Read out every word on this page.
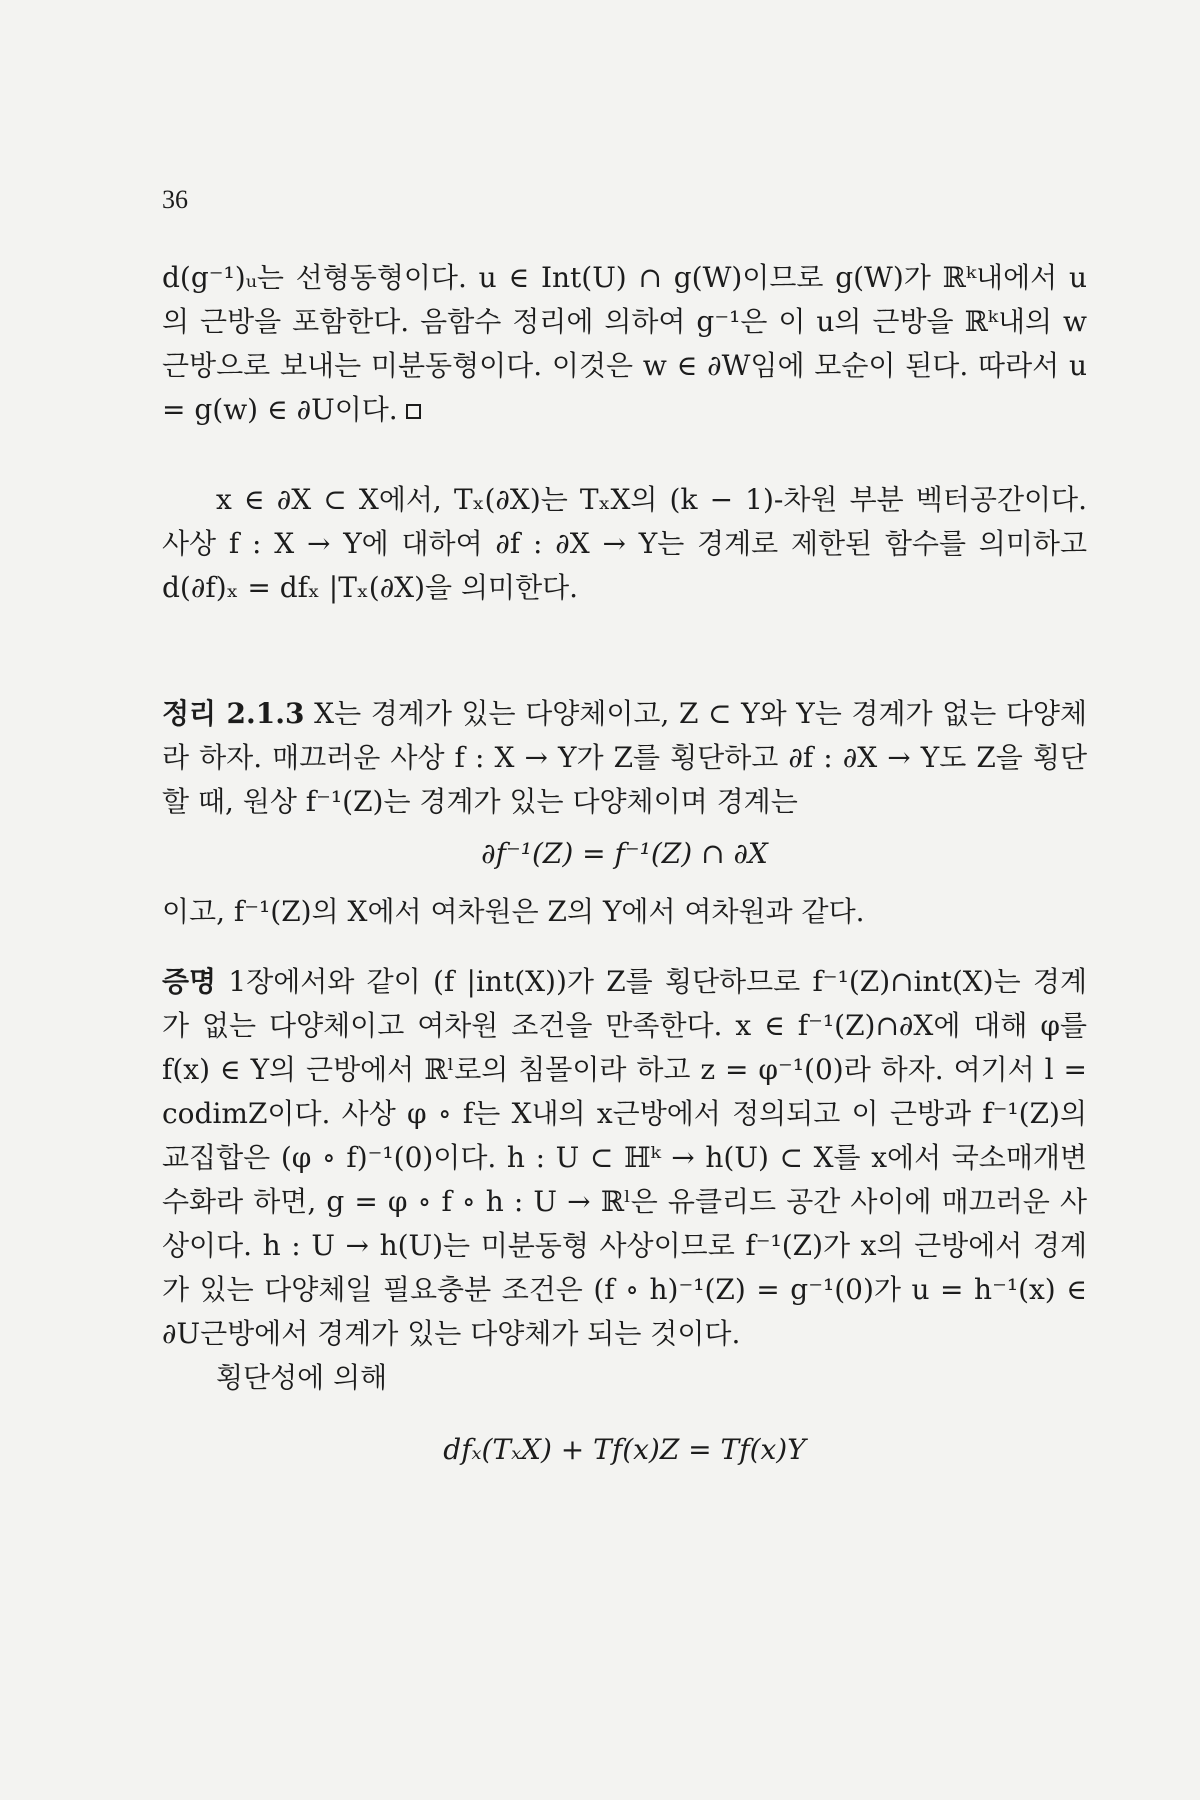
36

d(g⁻¹)ᵤ는 선형동형이다. u ∈ Int(U) ∩ g(W)이므로 g(W)가 ℝᵏ내에서 u의 근방을 포함한다. 음함수 정리에 의하여 g⁻¹은 이 u의 근방을 ℝᵏ내의 w근방으로 보내는 미분동형이다. 이것은 w ∈ ∂W임에 모순이 된다. 따라서 u = g(w) ∈ ∂U이다.

x ∈ ∂X ⊂ X에서, Tₓ(∂X)는 TₓX의 (k − 1)-차원 부분 벡터공간이다. 사상 f : X → Y에 대하여 ∂f : ∂X → Y는 경계로 제한된 함수를 의미하고 d(∂f)ₓ = dfₓ |Tₓ(∂X)을 의미한다.

정리 2.1.3 X는 경계가 있는 다양체이고, Z ⊂ Y와 Y는 경계가 없는 다양체라 하자. 매끄러운 사상 f : X → Y가 Z를 횡단하고 ∂f : ∂X → Y도 Z을 횡단할 때, 원상 f⁻¹(Z)는 경계가 있는 다양체이며 경계는

∂f⁻¹(Z) = f⁻¹(Z) ∩ ∂X

이고, f⁻¹(Z)의 X에서 여차원은 Z의 Y에서 여차원과 같다.

증명 1장에서와 같이 (f |int(X))가 Z를 횡단하므로 f⁻¹(Z)∩int(X)는 경계가 없는 다양체이고 여차원 조건을 만족한다. x ∈ f⁻¹(Z)∩∂X에 대해 φ를 f(x) ∈ Y의 근방에서 ℝˡ로의 침몰이라 하고 z = φ⁻¹(0)라 하자. 여기서 l = codimZ이다. 사상 φ ∘ f는 X내의 x근방에서 정의되고 이 근방과 f⁻¹(Z)의 교집합은 (φ ∘ f)⁻¹(0)이다. h : U ⊂ ℍᵏ → h(U) ⊂ X를 x에서 국소매개변수화라 하면, g = φ ∘ f ∘ h : U → ℝˡ은 유클리드 공간 사이에 매끄러운 사상이다. h : U → h(U)는 미분동형 사상이므로 f⁻¹(Z)가 x의 근방에서 경계가 있는 다양체일 필요충분 조건은 (f ∘ h)⁻¹(Z) = g⁻¹(0)가 u = h⁻¹(x) ∈ ∂U근방에서 경계가 있는 다양체가 되는 것이다.

횡단성에 의해

dfₓ(TₓX) + Tf(x)Z = Tf(x)Y
